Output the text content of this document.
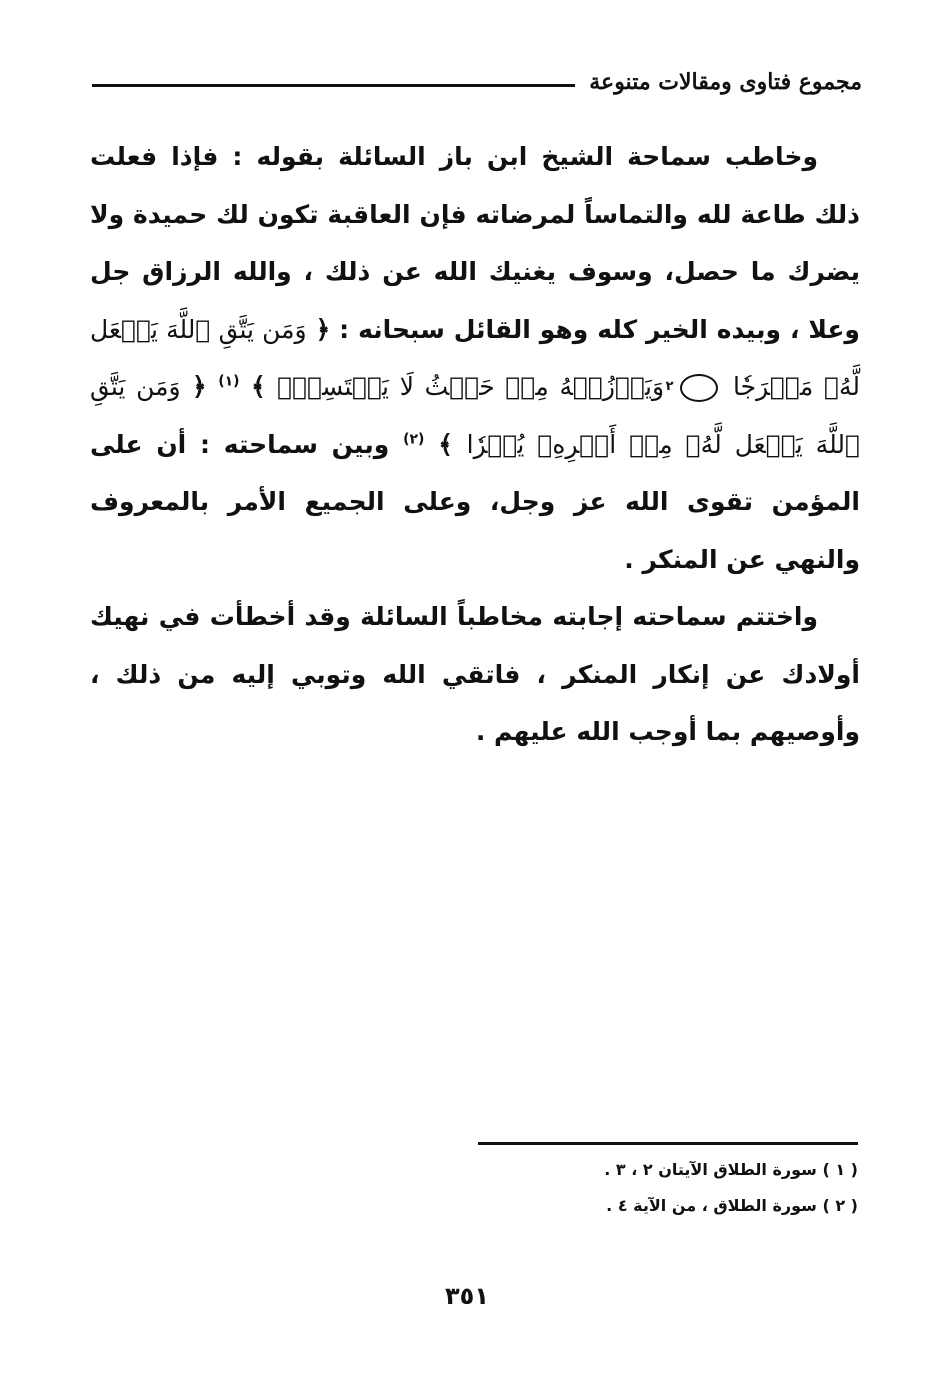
مجموع فتاوى ومقالات متنوعة

وخاطب سماحة الشيخ ابن باز السائلة بقوله : فإذا فعلت ذلك طاعة لله والتماساً لمرضاته فإن العاقبة تكون لك حميدة ولا يضرك ما حصل، وسوف يغنيك الله عن ذلك ، والله الرزاق جل وعلا ، وبيده الخير كله وهو القائل سبحانه : ﴿ وَمَن يَتَّقِ ٱللَّهَ يَجۡعَل لَّهُۥ مَخۡرَجٗا ٢ وَيَرۡزُقۡهُ مِنۡ حَيۡثُ لَا يَحۡتَسِبُۚ ﴾ $^{(١)}$ ﴿ وَمَن يَتَّقِ ٱللَّهَ يَجۡعَل لَّهُۥ مِنۡ أَمۡرِهِۦ يُسۡرٗا ﴾ $^{(٢)}$ وبين سماحته : أن على المؤمن تقوى الله عز وجل، وعلى الجميع الأمر بالمعروف والنهي عن المنكر .

واختتم سماحته إجابته مخاطباً السائلة وقد أخطأت في نهيك أولادك عن إنكار المنكر ، فاتقي الله وتوبي إليه من ذلك ، وأوصيهم بما أوجب الله عليهم .

( ١ ) سورة الطلاق الآيتان ٢ ، ٣ .
( ٢ ) سورة الطلاق ، من الآية ٤ .
٣٥١
